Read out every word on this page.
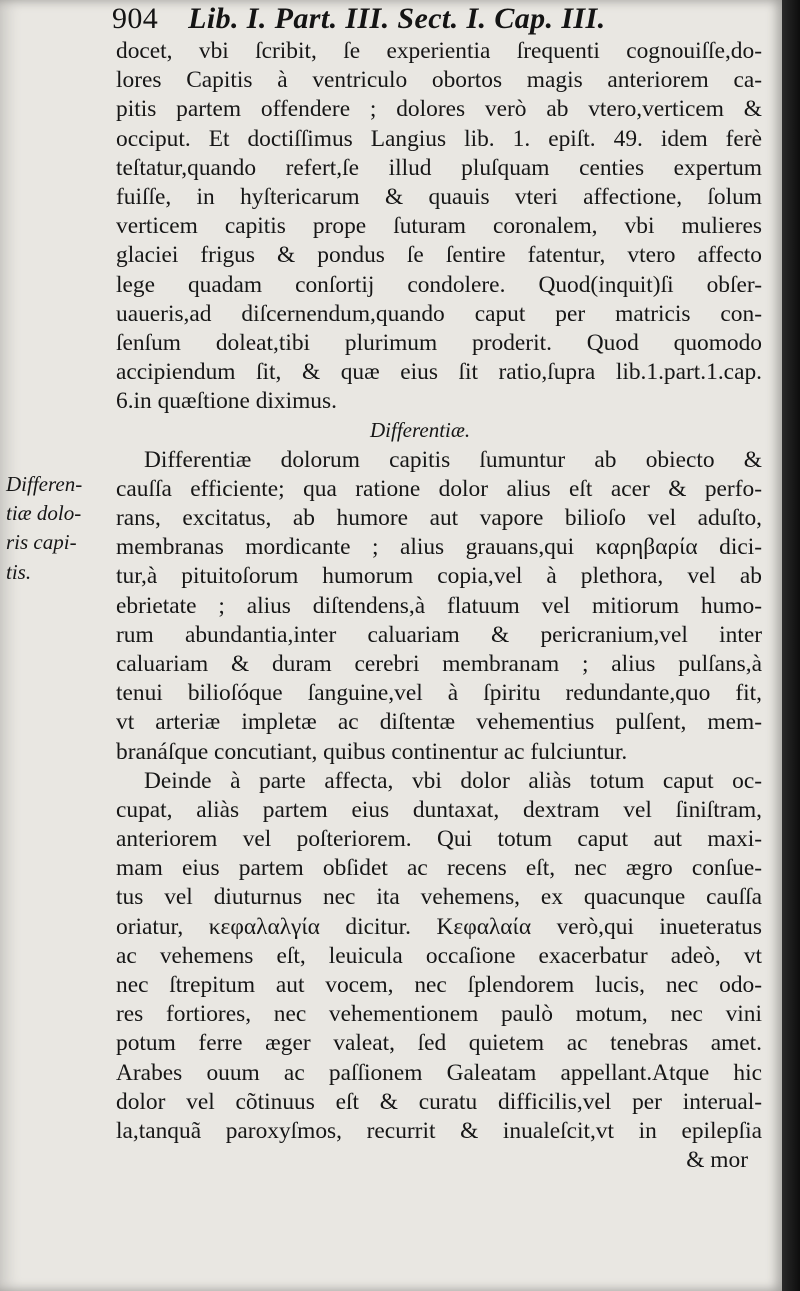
904 Lib. I. Part. III. Sect. I. Cap. III.
Differen-
tiæ dolo-
ris capi-
tis.
docet, vbi ſcribit, ſe experientia ſrequenti cognouiſſe,do-
lores Capitis à ventriculo obortos magis anteriorem ca-
pitis partem offendere ; dolores verò ab vtero,verticem &
occiput. Et doctiſſimus Langius lib. 1. epiſt. 49. idem ferè
teſtatur,quando refert,ſe illud pluſquam centies expertum
fuiſſe, in hyſtericarum & quauis vteri affectione, ſolum
verticem capitis prope ſuturam coronalem, vbi mulieres
glaciei frigus & pondus ſe ſentire fatentur, vtero affecto
lege quadam conſortij condolere. Quod(inquit)ſi obſer-
uaueris,ad diſcernendum,quando caput per matricis con-
ſenſum doleat,tibi plurimum proderit. Quod quomodo
accipiendum ſit, & quæ eius ſit ratio,ſupra lib.1.part.1.cap.
6.in quæſtione diximus.
Differentiæ.
Differentiæ dolorum capitis ſumuntur ab obiecto &
cauſſa efficiente; qua ratione dolor alius eſt acer & perfo-
rans, excitatus, ab humore aut vapore bilioſo vel aduſto,
membranas mordicante ; alius grauans,qui καρηβαρία dici-
tur,à pituitoſorum humorum copia,vel à plethora, vel ab
ebrietate ; alius diſtendens,à flatuum vel mitiorum humo-
rum abundantia,inter caluariam & pericranium,vel inter
caluariam & duram cerebri membranam ; alius pulſans,à
tenui bilioſóque ſanguine,vel à ſpiritu redundante,quo fit,
vt arteriæ impletæ ac diſtentæ vehementius pulſent, mem-
branáſque concutiant, quibus continentur ac fulciuntur.
Deinde à parte affecta, vbi dolor aliàs totum caput oc-
cupat, aliàs partem eius duntaxat, dextram vel ſiniſtram,
anteriorem vel poſteriorem. Qui totum caput aut maxi-
mam eius partem obſidet ac recens eſt, nec ægro conſue-
tus vel diuturnus nec ita vehemens, ex quacunque cauſſa
oriatur, κεφαλαλγία dicitur. Κεφαλαία verò,qui inueteratus
ac vehemens eſt, leuicula occaſione exacerbatur adeò, vt
nec ſtrepitum aut vocem, nec ſplendorem lucis, nec odo-
res fortiores, nec vehementionem paulò motum, nec vini
potum ferre æger valeat, ſed quietem ac tenebras amet.
Arabes ouum ac paſſionem Galeatam appellant.Atque hic
dolor vel cõtinuus eſt & curatu difficilis,vel per interual-
la,tanquã paroxyſmos, recurrit & inualeſcit,vt in epilepſia
& mor
